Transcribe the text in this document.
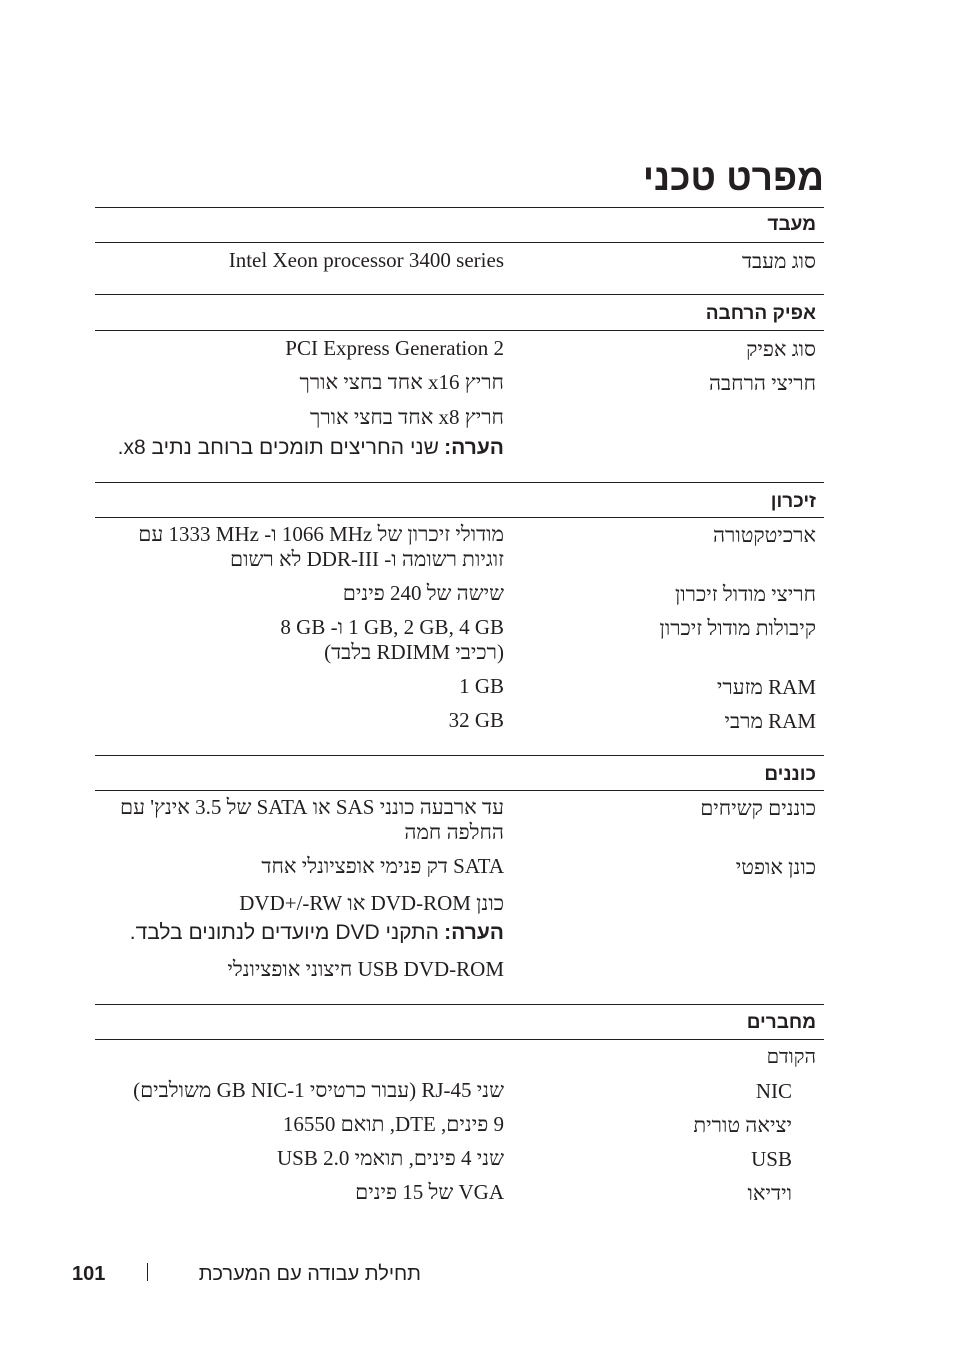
מפרט טכני
מעבד
סוג מעבד
Intel Xeon processor 3400 series
אפיק הרחבה
סוג אפיק
PCI Express Generation 2
חריצי הרחבה
חריץ x16 אחד בחצי אורך
חריץ x8 אחד בחצי אורך
הערה: שני החריצים תומכים ברוחב נתיב x8.
זיכרון
ארכיטקטורה
מודולי זיכרון של ‎1066 MHz‎ ו- ‎1333 MHz‎ עם
זוגיות רשומה ו- DDR-III לא רשום
חריצי מודול זיכרון
שישה של 240 פינים
קיבולות מודול זיכרון
‎1 GB, 2 GB, 4 GB‎ ו- ‎8 GB
(רכיבי RDIMM בלבד)
RAM מזערי
1 GB
RAM מרבי
32 GB
כוננים
כוננים קשיחים
עד ארבעה כונני SAS או SATA של ‎3.5‎ אינץ' עם
החלפה חמה
כונן אופטי
SATA דק פנימי אופציונלי אחד
כונן DVD-ROM או DVD+/-RW
הערה: התקני DVD מיועדים לנתונים בלבד.
USB DVD-ROM חיצוני אופציונלי
מחברים
הקודם
NIC
שני RJ-45 (עבור כרטיסי 1-GB NIC משולבים)
יציאה טורית
9 פינים, DTE, תואם 16550
USB
שני 4 פינים, תואמי USB 2.0
וידיאו
VGA של 15 פינים
תחילת עבודה עם המערכת
101
